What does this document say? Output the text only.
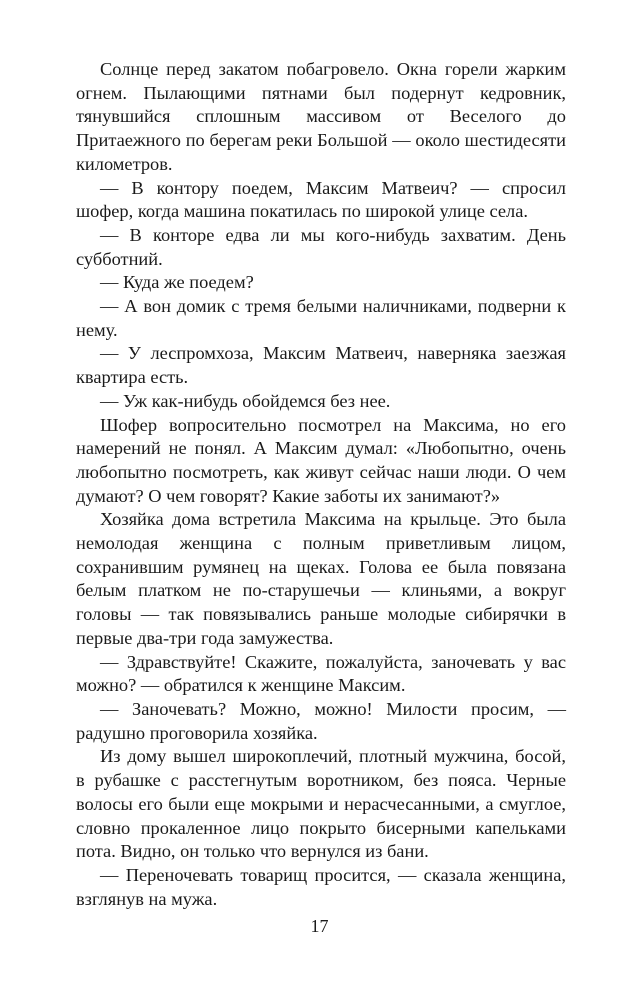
Солнце перед закатом побагровело. Окна горели жарким огнем. Пылающими пятнами был подернут кедровник, тянувшийся сплошным массивом от Веселого до Притаежного по берегам реки Большой — около шестидесяти километров.

— В контору поедем, Максим Матвеич? — спросил шофер, когда машина покатилась по широкой улице села.

— В конторе едва ли мы кого-нибудь захватим. День субботний.

— Куда же поедем?

— А вон домик с тремя белыми наличниками, подверни к нему.

— У леспромхоза, Максим Матвеич, наверняка заезжая квартира есть.

— Уж как-нибудь обойдемся без нее.

Шофер вопросительно посмотрел на Максима, но его намерений не понял. А Максим думал: «Любопытно, очень любопытно посмотреть, как живут сейчас наши люди. О чем думают? О чем говорят? Какие заботы их занимают?»

Хозяйка дома встретила Максима на крыльце. Это была немолодая женщина с полным приветливым лицом, сохранившим румянец на щеках. Голова ее была повязана белым платком не по-старушечьи — клиньями, а вокруг головы — так повязывались раньше молодые сибирячки в первые два-три года замужества.

— Здравствуйте! Скажите, пожалуйста, заночевать у вас можно? — обратился к женщине Максим.

— Заночевать? Можно, можно! Милости просим, — радушно проговорила хозяйка.

Из дому вышел широкоплечий, плотный мужчина, босой, в рубашке с расстегнутым воротником, без пояса. Черные волосы его были еще мокрыми и нерасчесанными, а смуглое, словно прокаленное лицо покрыто бисерными капельками пота. Видно, он только что вернулся из бани.

— Переночевать товарищ просится, — сказала женщина, взглянув на мужа.

17
